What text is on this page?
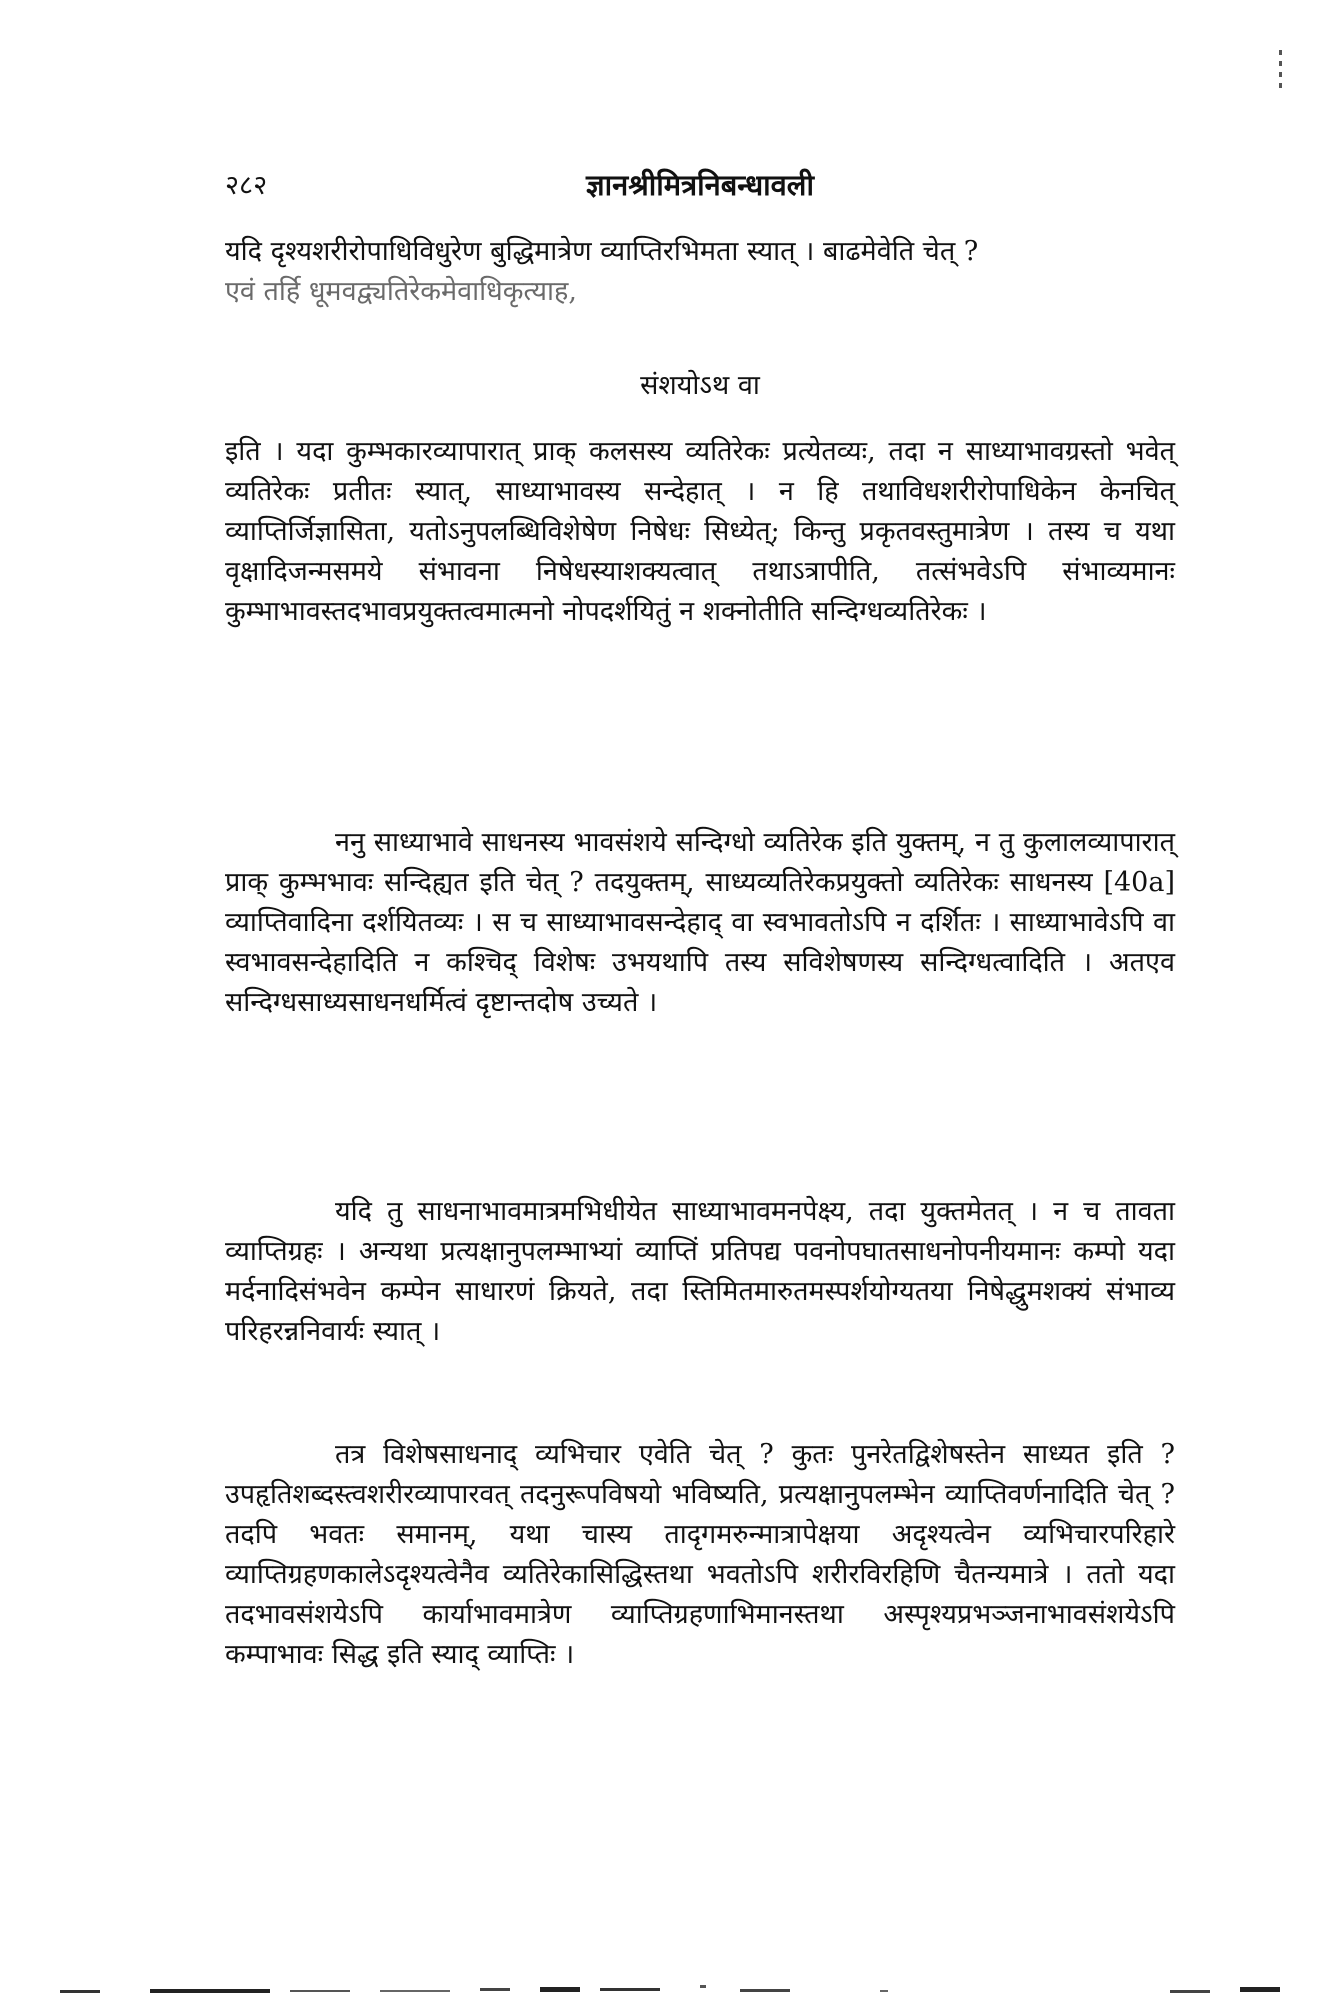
२८२	ज्ञानश्रीमित्रनिबन्धावली

यदि दृश्यशरीरोपाधिविधुरेण बुद्धिमात्रेण व्याप्तिरभिमता स्यात् । बाढमेवेति चेत् ?

एवं तर्हि धूमवद्व्यतिरेकमेवाधिकृत्याह,

संशयोऽथ वा

इति । यदा कुम्भकारव्यापारात् प्राक् कलसस्य व्यतिरेकः प्रत्येतव्यः, तदा न साध्याभावग्रस्तो भवेत् व्यतिरेकः प्रतीतः स्यात्, साध्याभावस्य सन्देहात् । न हि तथाविधशरीरोपाधिकेन केनचित् व्याप्तिर्जिज्ञासिता, यतोऽनुपलब्धिविशेषेण निषेधः सिध्येत्; किन्तु प्रकृतवस्तुमात्रेण । तस्य च यथा वृक्षादिजन्मसमये संभावना निषेधस्याशक्यत्वात् तथाऽत्रापीति, तत्संभवेऽपि संभाव्यमानः कुम्भाभावस्तदभावप्रयुक्तत्वमात्मनो नोपदर्शयितुं न शक्नोतीति सन्दिग्धव्यतिरेकः ।

ननु साध्याभावे साधनस्य भावसंशये सन्दिग्धो व्यतिरेक इति युक्तम्, न तु कुलालव्यापारात् प्राक् कुम्भभावः सन्दिह्यत इति चेत् ? तदयुक्तम्, साध्यव्यतिरेकप्रयुक्तो व्यतिरेकः साधनस्य [40a] व्याप्तिवादिना दर्शयितव्यः । स च साध्याभावसन्देहाद् वा स्वभावतोऽपि न दर्शितः । साध्याभावेऽपि वा स्वभावसन्देहादिति न कश्चिद् विशेषः उभयथापि तस्य सविशेषणस्य सन्दिग्धत्वादिति । अतएव सन्दिग्धसाध्यसाधनधर्मित्वं दृष्टान्तदोष उच्यते ।

यदि तु साधनाभावमात्रमभिधीयेत साध्याभावमनपेक्ष्य, तदा युक्तमेतत् । न च तावता व्याप्तिग्रहः । अन्यथा प्रत्यक्षानुपलम्भाभ्यां व्याप्तिं प्रतिपद्य पवनोपघातसाधनोपनीयमानः कम्पो यदा मर्दनादिसंभवेन कम्पेन साधारणं क्रियते, तदा स्तिमितमारुतमस्पर्शयोग्यतया निषेद्धुमशक्यं संभाव्य परिहरन्ननिवार्यः स्यात् ।

तत्र विशेषसाधनाद् व्यभिचार एवेति चेत् ? कुतः पुनरेतद्विशेषस्तेन साध्यत इति ? उपहृतिशब्दस्त्वशरीरव्यापारवत् तदनुरूपविषयो भविष्यति, प्रत्यक्षानुपलम्भेन व्याप्तिवर्णनादिति चेत् ? तदपि भवतः समानम्, यथा चास्य तादृगमरुन्मात्रापेक्षया अदृश्यत्वेन व्यभिचारपरिहारे व्याप्तिग्रहणकालेऽदृश्यत्वेनैव व्यतिरेकासिद्धिस्तथा भवतोऽपि शरीरविरहिणि चैतन्यमात्रे । ततो यदा तदभावसंशयेऽपि कार्याभावमात्रेण व्याप्तिग्रहणाभिमानस्तथा अस्पृश्यप्रभञ्जनाभावसंशयेऽपि कम्पाभावः सिद्ध इति स्याद् व्याप्तिः ।
